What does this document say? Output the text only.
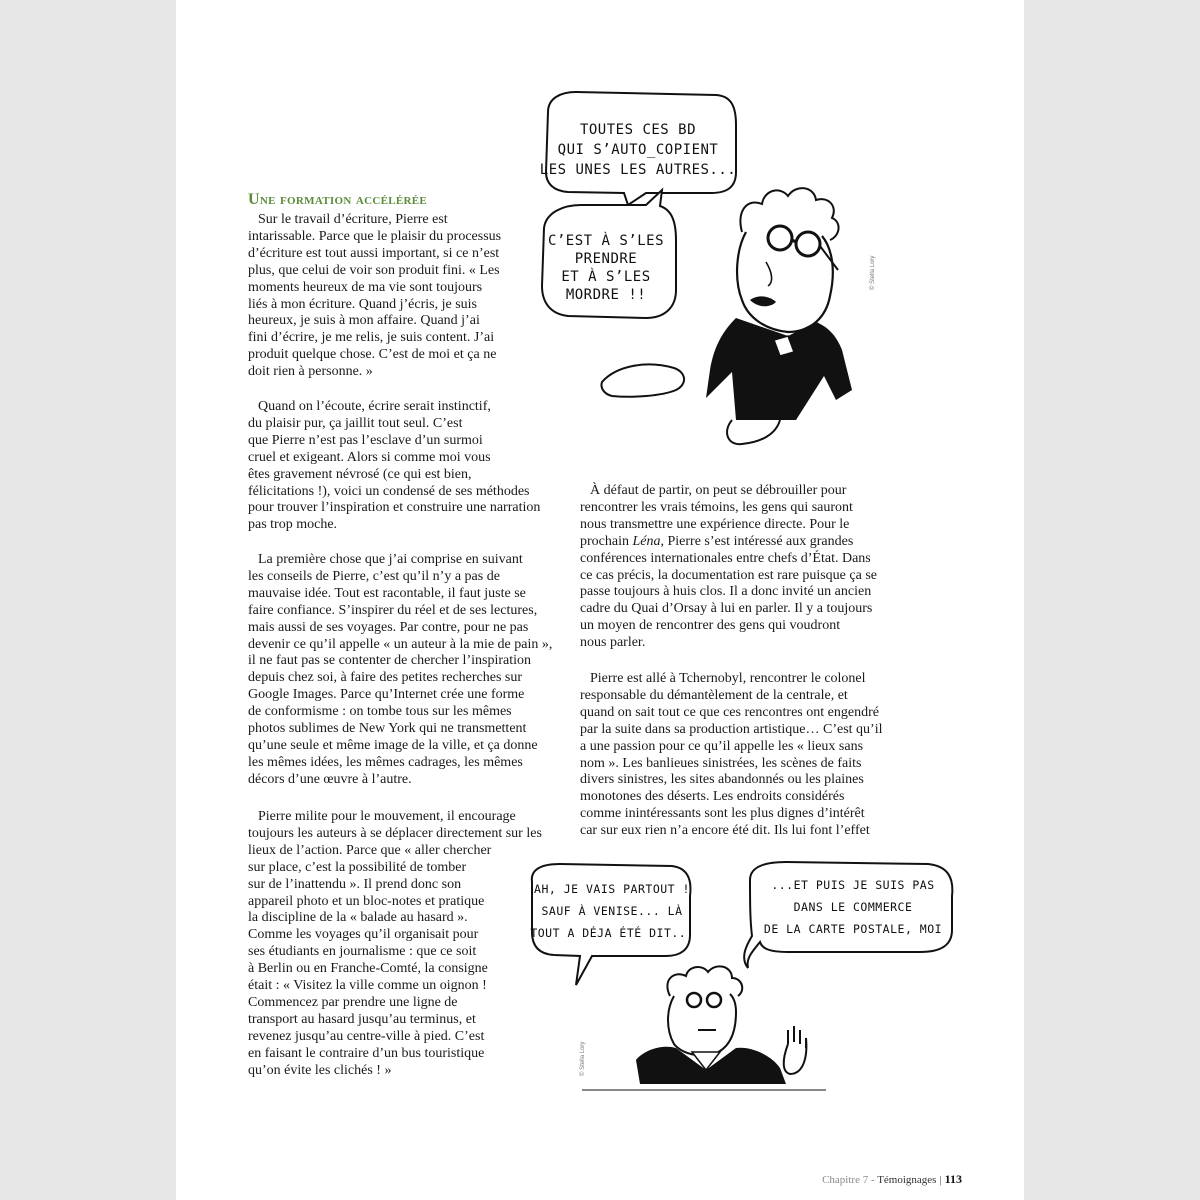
Une formation accélérée

Sur le travail d’écriture, Pierre est
intarissable. Parce que le plaisir du processus
d’écriture est tout aussi important, si ce n’est
plus, que celui de voir son produit fini. « Les
moments heureux de ma vie sont toujours
liés à mon écriture. Quand j’écris, je suis
heureux, je suis à mon affaire. Quand j’ai
fini d’écrire, je me relis, je suis content. J’ai
produit quelque chose. C’est de moi et ça ne
doit rien à personne. »

Quand on l’écoute, écrire serait instinctif,
du plaisir pur, ça jaillit tout seul. C’est
que Pierre n’est pas l’esclave d’un surmoi
cruel et exigeant. Alors si comme moi vous
êtes gravement névrosé (ce qui est bien,
félicitations !), voici un condensé de ses méthodes
pour trouver l’inspiration et construire une narration
pas trop moche.

La première chose que j’ai comprise en suivant
les conseils de Pierre, c’est qu’il n’y a pas de
mauvaise idée. Tout est racontable, il faut juste se
faire confiance. S’inspirer du réel et de ses lectures,
mais aussi de ses voyages. Par contre, pour ne pas
devenir ce qu’il appelle « un auteur à la mie de pain »,
il ne faut pas se contenter de chercher l’inspiration
depuis chez soi, à faire des petites recherches sur
Google Images. Parce qu’Internet crée une forme
de conformisme : on tombe tous sur les mêmes
photos sublimes de New York qui ne transmettent
qu’une seule et même image de la ville, et ça donne
les mêmes idées, les mêmes cadrages, les mêmes
décors d’une œuvre à l’autre.

Pierre milite pour le mouvement, il encourage
toujours les auteurs à se déplacer directement sur les
lieux de l’action. Parce que « aller chercher
sur place, c’est la possibilité de tomber
sur de l’inattendu ». Il prend donc son
appareil photo et un bloc-notes et pratique
la discipline de la « balade au hasard ».
Comme les voyages qu’il organisait pour
ses étudiants en journalisme : que ce soit
à Berlin ou en Franche-Comté, la consigne
était : « Visitez la ville comme un oignon !
Commencez par prendre une ligne de
transport au hasard jusqu’au terminus, et
revenez jusqu’au centre-ville à pied. C’est
en faisant le contraire d’un bus touristique
qu’on évite les clichés ! »

À défaut de partir, on peut se débrouiller pour
rencontrer les vrais témoins, les gens qui sauront
nous transmettre une expérience directe. Pour le
prochain Léna, Pierre s’est intéressé aux grandes
conférences internationales entre chefs d’État. Dans
ce cas précis, la documentation est rare puisque ça se
passe toujours à huis clos. Il a donc invité un ancien
cadre du Quai d’Orsay à lui en parler. Il y a toujours
un moyen de rencontrer des gens qui voudront
nous parler.

Pierre est allé à Tchernobyl, rencontrer le colonel
responsable du démantèlement de la centrale, et
quand on sait tout ce que ces rencontres ont engendré
par la suite dans sa production artistique… C’est qu’il
a une passion pour ce qu’il appelle les « lieux sans
nom ». Les banlieues sinistrées, les scènes de faits
divers sinistres, les sites abandonnés ou les plaines
monotones des déserts. Les endroits considérés
comme inintéressants sont les plus dignes d’intérêt
car sur eux rien n’a encore été dit. Ils lui font l’effet

TOUTES CES BD
QUI S’AUTO_COPIENT
LES UNES LES AUTRES...
C’EST À S’LES
PRENDRE
ET À S’LES
MORDRE !!
© Stella Lory
AH, JE VAIS PARTOUT !
SAUF À VENISE... LÀ
TOUT A DÉJA ÉTÉ DIT...
...ET PUIS JE SUIS PAS
DANS LE COMMERCE
DE LA CARTE POSTALE, MOI
© Stella Lory
Chapitre 7 - Témoignages | 113
